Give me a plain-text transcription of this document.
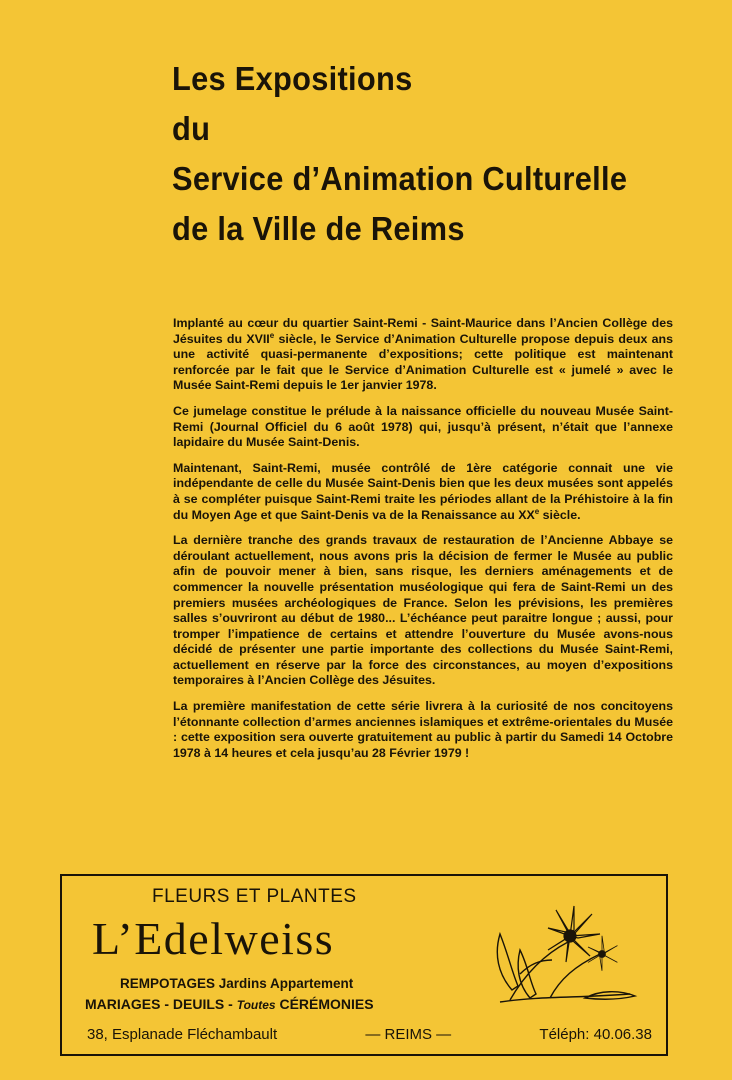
Les Expositions
du
Service d’Animation Culturelle
de la Ville de Reims

Implanté au cœur du quartier Saint-Remi - Saint-Maurice dans l’Ancien Collège des Jésuites du XVIIe siècle, le Service d’Animation Culturelle propose depuis deux ans une activité quasi-permanente d’expositions; cette politique est maintenant renforcée par le fait que le Service d’Animation Culturelle est « jumelé » avec le Musée Saint-Remi depuis le 1er janvier 1978.

Ce jumelage constitue le prélude à la naissance officielle du nouveau Musée Saint-Remi (Journal Officiel du 6 août 1978) qui, jusqu’à présent, n’était que l’annexe lapidaire du Musée Saint-Denis.

Maintenant, Saint-Remi, musée contrôlé de 1ère catégorie connait une vie indépendante de celle du Musée Saint-Denis bien que les deux musées sont appelés à se compléter puisque Saint-Remi traite les périodes allant de la Préhistoire à la fin du Moyen Age et que Saint-Denis va de la Renaissance au XXe siècle.

La dernière tranche des grands travaux de restauration de l’Ancienne Abbaye se déroulant actuellement, nous avons pris la décision de fermer le Musée au public afin de pouvoir mener à bien, sans risque, les derniers aménagements et de commencer la nouvelle présentation muséologique qui fera de Saint-Remi un des premiers musées archéologiques de France. Selon les prévisions, les premières salles s’ouvriront au début de 1980... L’échéance peut paraitre longue ; aussi, pour tromper l’impatience de certains et attendre l’ouverture du Musée avons-nous décidé de présenter une partie importante des collections du Musée Saint-Remi, actuellement en réserve par la force des circonstances, au moyen d’expositions temporaires à l’Ancien Collège des Jésuites.

La première manifestation de cette série livrera à la curiosité de nos concitoyens l’étonnante collection d’armes anciennes islamiques et extrême-orientales du Musée : cette exposition sera ouverte gratuitement au public à partir du Samedi 14 Octobre 1978 à 14 heures et cela jusqu’au 28 Février 1979 !

FLEURS ET PLANTES
L’Edelweiss
REMPOTAGES Jardins Appartement
MARIAGES - DEUILS - Toutes CÉRÉMONIES
38, Esplanade Fléchambault	— REIMS —	Téléph: 40.06.38
